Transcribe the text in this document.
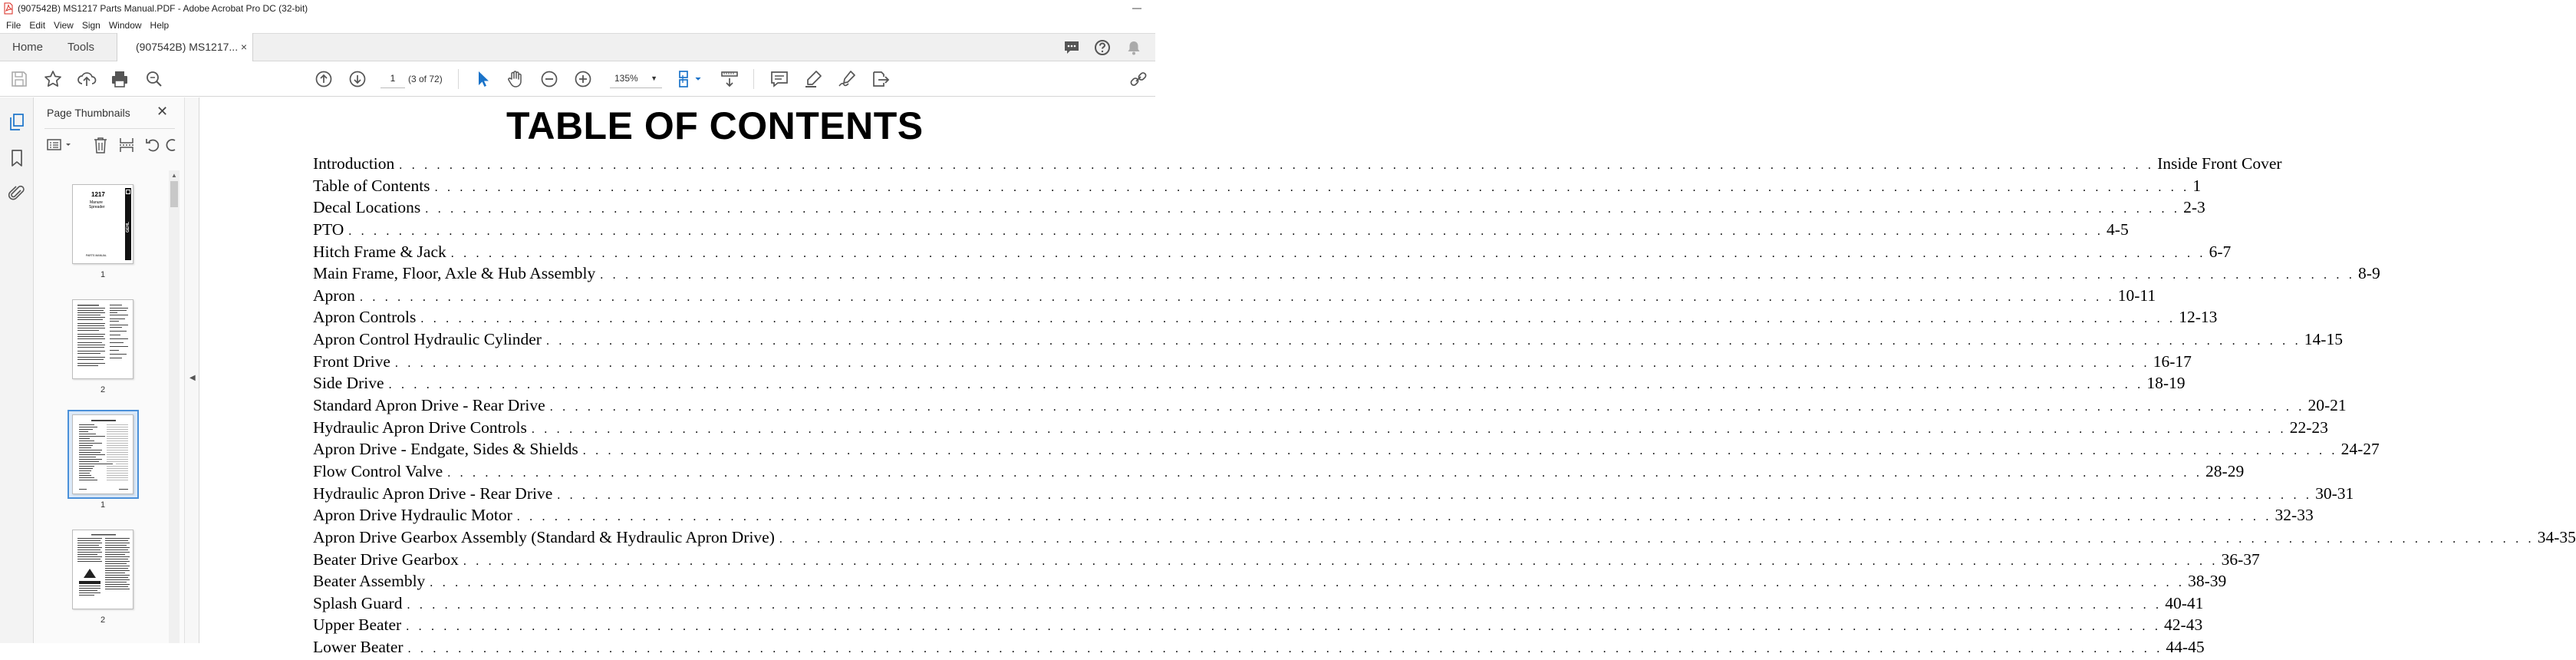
(907542B) MS1217 Parts Manual.PDF - Adobe Acrobat Pro DC (32-bit)	—
File Edit View Sign Window Help
Home Tools	(907542B) MS1217... ×
1
(3 of 72)	135% ▼
Page Thumbnails ✕
▲
1217
Manure
Spreader
GEHL
PARTS MANUAL
1
2
1
2
◀
TABLE OF CONTENTS
Introduction . . . . . . . . . . . . . . . . . . . . . . . . . . . . . . . . . . . . . . . . . . . . . . . . . . . . . . . . . . . . . . . . . . . . . . . . . . . . . . . . . . . . . . . . . . . . . . . . . . . . . . . . . . . . . . . . . . . . . . . . . . . . . . . . . . . . . . . . . . . . Inside Front Cover
Table of Contents . . . . . . . . . . . . . . . . . . . . . . . . . . . . . . . . . . . . . . . . . . . . . . . . . . . . . . . . . . . . . . . . . . . . . . . . . . . . . . . . . . . . . . . . . . . . . . . . . . . . . . . . . . . . . . . . . . . . . . . . . . . . . . . . . . . . . . . . . . . . 1
Decal Locations . . . . . . . . . . . . . . . . . . . . . . . . . . . . . . . . . . . . . . . . . . . . . . . . . . . . . . . . . . . . . . . . . . . . . . . . . . . . . . . . . . . . . . . . . . . . . . . . . . . . . . . . . . . . . . . . . . . . . . . . . . . . . . . . . . . . . . . . . . . . 2-3
PTO . . . . . . . . . . . . . . . . . . . . . . . . . . . . . . . . . . . . . . . . . . . . . . . . . . . . . . . . . . . . . . . . . . . . . . . . . . . . . . . . . . . . . . . . . . . . . . . . . . . . . . . . . . . . . . . . . . . . . . . . . . . . . . . . . . . . . . . . . . . . 4-5
Hitch Frame & Jack . . . . . . . . . . . . . . . . . . . . . . . . . . . . . . . . . . . . . . . . . . . . . . . . . . . . . . . . . . . . . . . . . . . . . . . . . . . . . . . . . . . . . . . . . . . . . . . . . . . . . . . . . . . . . . . . . . . . . . . . . . . . . . . . . . . . . . . . . . . . 6-7
Main Frame, Floor, Axle & Hub Assembly . . . . . . . . . . . . . . . . . . . . . . . . . . . . . . . . . . . . . . . . . . . . . . . . . . . . . . . . . . . . . . . . . . . . . . . . . . . . . . . . . . . . . . . . . . . . . . . . . . . . . . . . . . . . . . . . . . . . . . . . . . . . . . . . . . . . . . . . . . . . 8-9
Apron . . . . . . . . . . . . . . . . . . . . . . . . . . . . . . . . . . . . . . . . . . . . . . . . . . . . . . . . . . . . . . . . . . . . . . . . . . . . . . . . . . . . . . . . . . . . . . . . . . . . . . . . . . . . . . . . . . . . . . . . . . . . . . . . . . . . . . . . . . . . 10-11
Apron Controls . . . . . . . . . . . . . . . . . . . . . . . . . . . . . . . . . . . . . . . . . . . . . . . . . . . . . . . . . . . . . . . . . . . . . . . . . . . . . . . . . . . . . . . . . . . . . . . . . . . . . . . . . . . . . . . . . . . . . . . . . . . . . . . . . . . . . . . . . . . . 12-13
Apron Control Hydraulic Cylinder . . . . . . . . . . . . . . . . . . . . . . . . . . . . . . . . . . . . . . . . . . . . . . . . . . . . . . . . . . . . . . . . . . . . . . . . . . . . . . . . . . . . . . . . . . . . . . . . . . . . . . . . . . . . . . . . . . . . . . . . . . . . . . . . . . . . . . . . . . . . 14-15
Front Drive . . . . . . . . . . . . . . . . . . . . . . . . . . . . . . . . . . . . . . . . . . . . . . . . . . . . . . . . . . . . . . . . . . . . . . . . . . . . . . . . . . . . . . . . . . . . . . . . . . . . . . . . . . . . . . . . . . . . . . . . . . . . . . . . . . . . . . . . . . . . 16-17
Side Drive . . . . . . . . . . . . . . . . . . . . . . . . . . . . . . . . . . . . . . . . . . . . . . . . . . . . . . . . . . . . . . . . . . . . . . . . . . . . . . . . . . . . . . . . . . . . . . . . . . . . . . . . . . . . . . . . . . . . . . . . . . . . . . . . . . . . . . . . . . . . 18-19
Standard Apron Drive - Rear Drive . . . . . . . . . . . . . . . . . . . . . . . . . . . . . . . . . . . . . . . . . . . . . . . . . . . . . . . . . . . . . . . . . . . . . . . . . . . . . . . . . . . . . . . . . . . . . . . . . . . . . . . . . . . . . . . . . . . . . . . . . . . . . . . . . . . . . . . . . . . . 20-21
Hydraulic Apron Drive Controls . . . . . . . . . . . . . . . . . . . . . . . . . . . . . . . . . . . . . . . . . . . . . . . . . . . . . . . . . . . . . . . . . . . . . . . . . . . . . . . . . . . . . . . . . . . . . . . . . . . . . . . . . . . . . . . . . . . . . . . . . . . . . . . . . . . . . . . . . . . . 22-23
Apron Drive - Endgate, Sides & Shields . . . . . . . . . . . . . . . . . . . . . . . . . . . . . . . . . . . . . . . . . . . . . . . . . . . . . . . . . . . . . . . . . . . . . . . . . . . . . . . . . . . . . . . . . . . . . . . . . . . . . . . . . . . . . . . . . . . . . . . . . . . . . . . . . . . . . . . . . . . . 24-27
Flow Control Valve . . . . . . . . . . . . . . . . . . . . . . . . . . . . . . . . . . . . . . . . . . . . . . . . . . . . . . . . . . . . . . . . . . . . . . . . . . . . . . . . . . . . . . . . . . . . . . . . . . . . . . . . . . . . . . . . . . . . . . . . . . . . . . . . . . . . . . . . . . . . 28-29
Hydraulic Apron Drive - Rear Drive . . . . . . . . . . . . . . . . . . . . . . . . . . . . . . . . . . . . . . . . . . . . . . . . . . . . . . . . . . . . . . . . . . . . . . . . . . . . . . . . . . . . . . . . . . . . . . . . . . . . . . . . . . . . . . . . . . . . . . . . . . . . . . . . . . . . . . . . . . . . 30-31
Apron Drive Hydraulic Motor . . . . . . . . . . . . . . . . . . . . . . . . . . . . . . . . . . . . . . . . . . . . . . . . . . . . . . . . . . . . . . . . . . . . . . . . . . . . . . . . . . . . . . . . . . . . . . . . . . . . . . . . . . . . . . . . . . . . . . . . . . . . . . . . . . . . . . . . . . . . 32-33
Apron Drive Gearbox Assembly (Standard & Hydraulic Apron Drive) . . . . . . . . . . . . . . . . . . . . . . . . . . . . . . . . . . . . . . . . . . . . . . . . . . . . . . . . . . . . . . . . . . . . . . . . . . . . . . . . . . . . . . . . . . . . . . . . . . . . . . . . . . . . . . . . . . . . . . . . . . . . . . . . . . . . . . . . . . . . 34-35
Beater Drive Gearbox . . . . . . . . . . . . . . . . . . . . . . . . . . . . . . . . . . . . . . . . . . . . . . . . . . . . . . . . . . . . . . . . . . . . . . . . . . . . . . . . . . . . . . . . . . . . . . . . . . . . . . . . . . . . . . . . . . . . . . . . . . . . . . . . . . . . . . . . . . . . 36-37
Beater Assembly . . . . . . . . . . . . . . . . . . . . . . . . . . . . . . . . . . . . . . . . . . . . . . . . . . . . . . . . . . . . . . . . . . . . . . . . . . . . . . . . . . . . . . . . . . . . . . . . . . . . . . . . . . . . . . . . . . . . . . . . . . . . . . . . . . . . . . . . . . . . 38-39
Splash Guard . . . . . . . . . . . . . . . . . . . . . . . . . . . . . . . . . . . . . . . . . . . . . . . . . . . . . . . . . . . . . . . . . . . . . . . . . . . . . . . . . . . . . . . . . . . . . . . . . . . . . . . . . . . . . . . . . . . . . . . . . . . . . . . . . . . . . . . . . . . . 40-41
Upper Beater . . . . . . . . . . . . . . . . . . . . . . . . . . . . . . . . . . . . . . . . . . . . . . . . . . . . . . . . . . . . . . . . . . . . . . . . . . . . . . . . . . . . . . . . . . . . . . . . . . . . . . . . . . . . . . . . . . . . . . . . . . . . . . . . . . . . . . . . . . . . 42-43
Lower Beater . . . . . . . . . . . . . . . . . . . . . . . . . . . . . . . . . . . . . . . . . . . . . . . . . . . . . . . . . . . . . . . . . . . . . . . . . . . . . . . . . . . . . . . . . . . . . . . . . . . . . . . . . . . . . . . . . . . . . . . . . . . . . . . . . . . . . . . . . . . . 44-45
